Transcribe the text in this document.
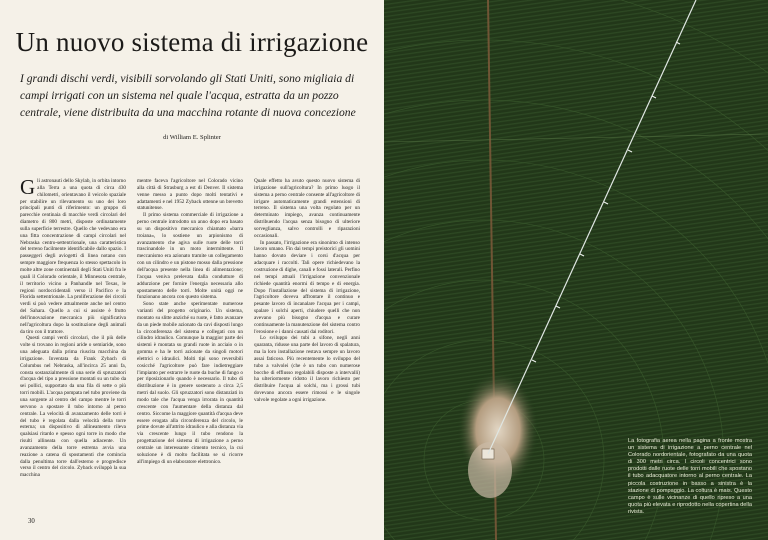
Un nuovo sistema di irrigazione

I grandi dischi verdi, visibili sorvolando gli Stati Uniti, sono migliaia di campi irrigati con un sistema nel quale l'acqua, estratta da un pozzo centrale, viene distribuita da una macchina rotante di nuova concezione

di William E. Splinter

Gli astronauti dello Skylab, in orbita intorno alla Terra a una quota di circa 430 chilometri, orientavano il veicolo spaziale per stabilire un rilevamento su uno dei loro principali punti di riferimento: un gruppo di parecchie centinaia di macchie verdi circolari del diametro di 800 metri, disposte ordinatamente sulla superficie terrestre. Quello che vedevano era una fitta concentrazione di campi circolari nel Nebraska centro-settentrionale, una caratteristica del terreno facilmente identificabile dallo spazio. I passeggeri degli aviogetti di linea notano con sempre maggiore frequenza lo stesso spettacolo in molte altre zone continentali degli Stati Uniti fra le quali il Colorado orientale, il Minnesota centrale, il territorio vicino a Panhandle nel Texas, le regioni nordoccidentali verso il Pacifico e la Florida settentrionale. La proliferazione dei circoli verdi si può vedere attualmente anche nel centro del Sahara. Quello a cui si assiste è frutto dell'innovazione meccanica più significativa nell'agricoltura dopo la sostituzione degli animali da tiro con il trattore.

Questi campi verdi circolari, che il più delle volte si trovano in regioni aride o semiaride, sono una adeguata dalla prima riuscita macchina da irrigazione. Inventata da Frank Zybach di Columbus nel Nebraska, all'incirca 25 anni fa, consta sostanzialmente di una serie di spruzzatori d'acqua del tipo a pressione montati su un tubo da sei pollici, supportato da una fila di sette o più torri mobili. L'acqua pompata nel tubo proviene da una sorgente al centro del campo mentre le torri servono a spostare il tubo intorno al perno centrale. La velocità di avanzamento delle torri è del tubo è regolata dalla velocità della torre esterna; un dispositivo di allineamento rileva qualsiasi ritardo e spesso ogni torre in modo che risulti allineata con quella adiacente. Un avanzamento della torre estrema avvia una reazione a catena di spostamenti che comincia dalla penultima torre dall'esterno e progredisce verso il centro del circolo. Zyback sviluppò la sua macchina

mentre faceva l'agricoltore nel Colorado vicino alla città di Strasburg a est di Denver. Il sistema venne messo a punto dopo molti tentativi e adattamenti e nel 1952 Zyback ottenne un brevetto statunitense.

Il primo sistema commerciale di irrigazione a perno centrale introdotto un anno dopo era basato su un dispositivo meccanico chiamato «barra troiana», lo sostiene un arpionismo di avanzamento che agiva sulle ruote delle torri trascinandole in un moto intermittente. Il meccanismo era azionato tramite un collegamento con un cilindro e un pistone mosso dalla pressione dell'acqua presente nella linea di alimentazione; l'acqua veniva prelevata dalla condutture di addurzione per fornire l'energia necessaria allo spostamento delle torri. Molte unità oggi ne funzionano ancora con questo sistema.

Sono state anche sperimentate numerose varianti del progetto originario. Un sistema, montato su slitte anziché su ruote, è fatto avanzare da un piede mobile azionato da cavi disposti lungo la circonferenza del sistema e collegati con un cilindro idraulico. Comunque la maggior parte dei sistemi è montata su grandi ruote in acciaio o in gomma e ha le torri azionate da singoli motori elettrici o idraulici. Molti tipi sono reversibili cosicché l'agricoltore può fare indietreggiare l'impianto per estrarre le ruote da buche di fango o per riposizionarlo quando è necessario. Il tubo di distribuzione è in genere sostenuto a circa 2,5 metri dal suolo. Gli spruzzatori sono distanziati in modo tale che l'acqua venga irrorata in quantità crescente con l'aumentare della distanza dal centro. Siccome la maggiore quantità d'acqua deve essere erogata alla circonferenza del circolo, le prime dovute all'attrito idraulico e alla distanza via via crescente lungo il tubo rendono la progettazione del sistema di irrigazione a perno centrale un interessante cimento tecnico, la cui soluzione è di molto facilitata se si ricorre all'impiego di un elaboratore elettronico.

Quale effetto ha avuto questo nuovo sistema di irrigazione sull'agricoltura? In primo luogo il sistema a perno centrale consente all'agricoltore di irrigare automaticamente grandi estensioni di terreno. Il sistema una volta regolato per un determinato impiego, avanza continuamente distribuendo l'acqua senza bisogno di ulteriore sorveglianza, salvo controlli e riparazioni occasionali.

In passato, l'irrigazione era sinonimo di intenso lavoro umano. Fin dai tempi preistorici gli uomini hanno dovuto deviare i corsi d'acqua per adacquare i raccolti. Tali opere richiedevano la costruzione di dighe, canali e fossi laterali. Perfino nei tempi attuali l'irrigazione convenzionale richiede quantità enormi di tempo e di energia. Dopo l'installazione del sistema di irrigazione, l'agricoltore doveva affrontare il continuo e pesante lavoro di incanalare l'acqua per i campi, spalare i solchi aperti, chiudere quelli che non avevano più bisogno d'acqua e curare continuamente la manutenzione del sistema contro l'erosione e i danni causati dai roditori.

Lo sviluppo dei tubi a sifone, negli anni quaranta, ridusse una parte del lavoro di spalatura, ma la loro installazione restava sempre un lavoro assai faticoso. Più recentemente lo sviluppo del tubo a valvolei (che è un tubo con numerose bocche di efflusso regolabili disposte a intervalli) ha ulteriormente ridotto il lavoro richiesto per distribuire l'acqua ai solchi, ma i grossi tubi dovevano ancora essere rimossi e le singole valvole regolate a ogni irrigazione.

30

La fotografia aerea nella pagina a fronte mostra un sistema di irrigazione a perno centrale nel Colorado nordorientale, fotografato da una quota di 300 metri circa. I circoli concentrici sono prodotti dalle ruote delle torri mobili che spostano il tubo adacquatore intorno al perno centrale. La piccola costruzione in basso a sinistra è la stazione di pompaggio. La coltura è mais. Questo campo è sulle vicinanze di quello ripreso a una quota più elevata e riprodotto nella copertina della rivista.
